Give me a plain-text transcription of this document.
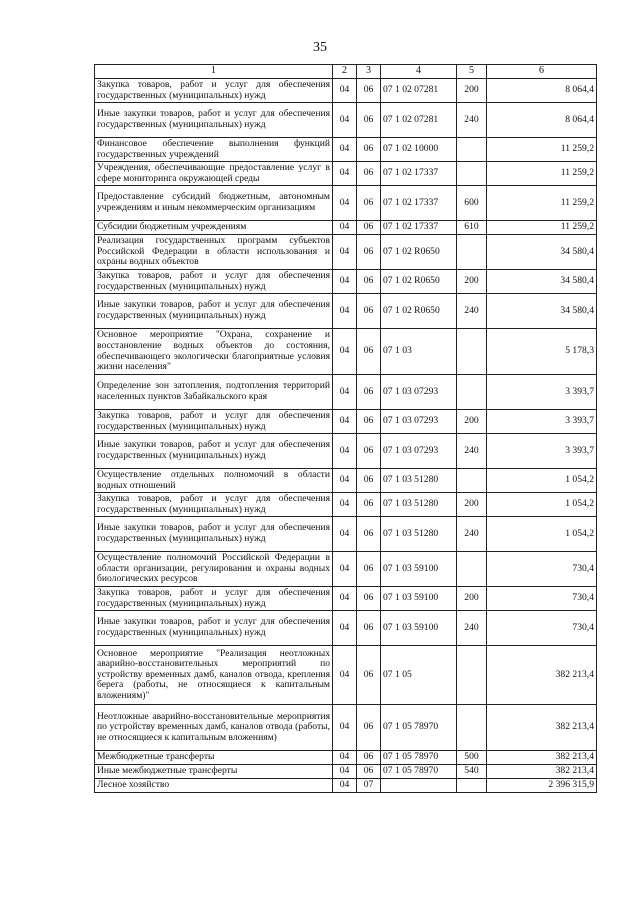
35
1	2	3	4	5	6
Закупка товаров, работ и услуг для обеспечения государственных (муниципальных) нужд	04	06	07 1 02 07281	200	8 064,4
Иные закупки товаров, работ и услуг для обеспечения государственных (муниципальных) нужд	04	06	07 1 02 07281	240	8 064,4
Финансовое обеспечение выполнения функций государственных учреждений	04	06	07 1 02 10000		11 259,2
Учреждения, обеспечивающие предоставление услуг в сфере мониторинга окружающей среды	04	06	07 1 02 17337		11 259,2
Предоставление субсидий бюджетным, автономным учреждениям и иным некоммерческим организациям	04	06	07 1 02 17337	600	11 259,2
Субсидии бюджетным учреждениям	04	06	07 1 02 17337	610	11 259,2
Реализация государственных программ субъектов Российской Федерации в области использования и охраны водных объектов	04	06	07 1 02 R0650		34 580,4
Закупка товаров, работ и услуг для обеспечения государственных (муниципальных) нужд	04	06	07 1 02 R0650	200	34 580,4
Иные закупки товаров, работ и услуг для обеспечения государственных (муниципальных) нужд	04	06	07 1 02 R0650	240	34 580,4
Основное мероприятие "Охрана, сохранение и восстановление водных объектов до состояния, обеспечивающего экологически благоприятные условия жизни населения"	04	06	07 1 03		5 178,3
Определение зон затопления, подтопления территорий населенных пунктов Забайкальского края	04	06	07 1 03 07293		3 393,7
Закупка товаров, работ и услуг для обеспечения государственных (муниципальных) нужд	04	06	07 1 03 07293	200	3 393,7
Иные закупки товаров, работ и услуг для обеспечения государственных (муниципальных) нужд	04	06	07 1 03 07293	240	3 393,7
Осуществление отдельных полномочий в области водных отношений	04	06	07 1 03 51280		1 054,2
Закупка товаров, работ и услуг для обеспечения государственных (муниципальных) нужд	04	06	07 1 03 51280	200	1 054,2
Иные закупки товаров, работ и услуг для обеспечения государственных (муниципальных) нужд	04	06	07 1 03 51280	240	1 054,2
Осуществление полномочий Российской Федерации в области организации, регулирования и охраны водных биологических ресурсов	04	06	07 1 03 59100		730,4
Закупка товаров, работ и услуг для обеспечения государственных (муниципальных) нужд	04	06	07 1 03 59100	200	730,4
Иные закупки товаров, работ и услуг для обеспечения государственных (муниципальных) нужд	04	06	07 1 03 59100	240	730,4
Основное мероприятие "Реализация неотложных аварийно-восстановительных мероприятий по устройству временных дамб, каналов отвода, крепления берега (работы, не относящиеся к капитальным вложениям)"	04	06	07 1 05		382 213,4
Неотложные аварийно-восстановительные мероприятия по устройству временных дамб, каналов отвода (работы, не относящиеся к капитальным вложениям)	04	06	07 1 05 78970		382 213,4
Межбюджетные трансферты	04	06	07 1 05 78970	500	382 213,4
Иные межбюджетные трансферты	04	06	07 1 05 78970	540	382 213,4
Лесное хозяйство	04	07			2 396 315,9
